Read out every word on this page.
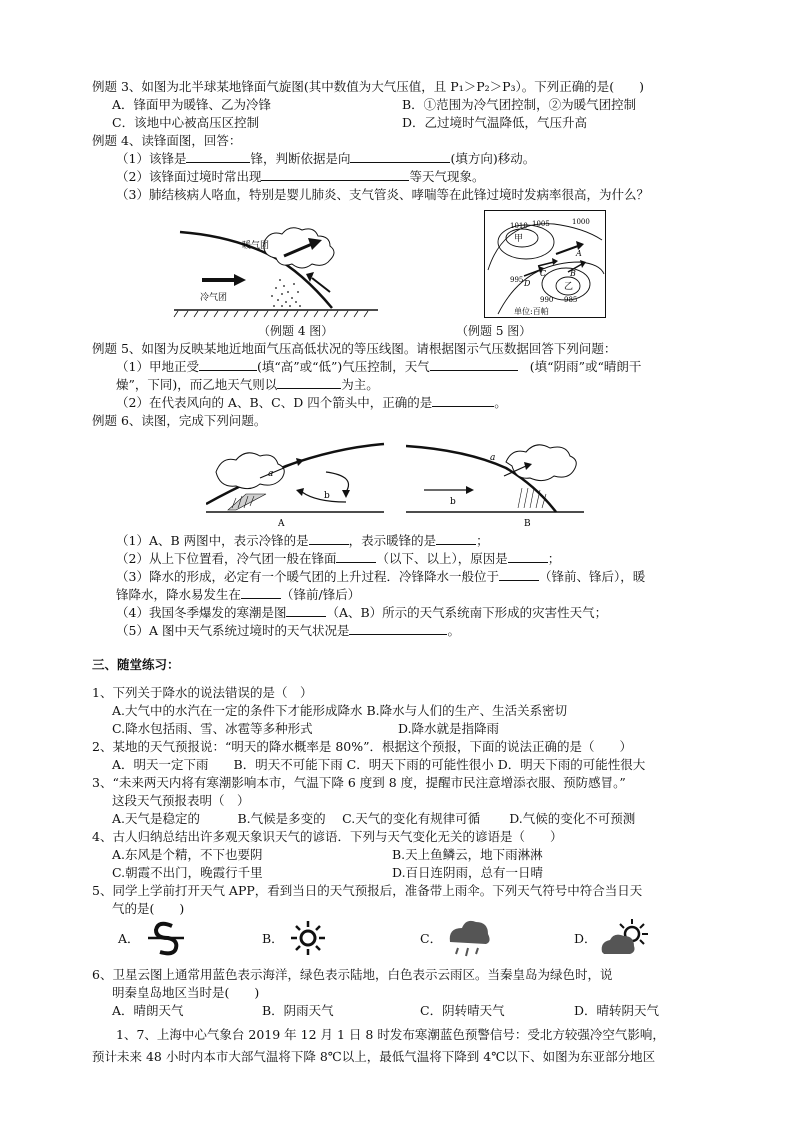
例题 3、如图为北半球某地锋面气旋图(其中数值为大气压值，且 P₁＞P₂＞P₃）。下列正确的是(　　)
A．锋面甲为暖锋、乙为冷锋	B．①范围为冷气团控制，②为暖气团控制
C．该地中心被高压区控制	D．乙过境时气温降低，气压升高
例题 4、读锋面图，回答：
（1）该锋是	锋，判断依据是向	(填方向)移动。
（2）该锋面过境时常出现	等天气现象。
（3）肺结核病人咯血，特别是婴儿肺炎、支气管炎、哮喘等在此锋过境时发病率很高，为什么？
暖气团
冷气团
（例题 4 图）
甲
乙
1010 1005	1000
995
990 985
A
B
C
D
单位:百帕
（例题 5 图）
例题 5、如图为反映某地近地面气压高低状况的等压线图。请根据图示气压数据回答下列问题：
（1）甲地正受	(填“高”或“低”)气压控制，天气	(填“阴雨”或“晴朗干
燥”，下同)，而乙地天气则以	为主。
（2）在代表风向的 A、B、C、D 四个箭头中，正确的是	。
例题 6、读图，完成下列问题。
a
b
A
a
b
B
（1）A、B 两图中，表示冷锋的是	，表示暖锋的是	；
（2）从上下位置看，冷气团一般在锋面	（以下、以上），原因是	；
（3）降水的形成，必定有一个暖气团的上升过程．冷锋降水一般位于	（锋前、锋后），暖
锋降水，降水易发生在	（锋前/锋后）
（4）我国冬季爆发的寒潮是图	（A、B）所示的天气系统南下形成的灾害性天气；
（5）A 图中天气系统过境时的天气状况是	。
三、随堂练习：
1、下列关于降水的说法错误的是（　）
A.大气中的水汽在一定的条件下才能形成降水 B.降水与人们的生产、生活关系密切
C.降水包括雨、雪、冰雹等多种形式	D.降水就是指降雨
2、某地的天气预报说：“明天的降水概率是 80%”．根据这个预报，下面的说法正确的是（　　）
A．明天一定下雨　　B．明天不可能下雨 C．明天下雨的可能性很小 D．明天下雨的可能性很大
3、“未来两天内将有寒潮影响本市，气温下降 6 度到 8 度，提醒市民注意增添衣服、预防感冒。”
这段天气预报表明（　）
A.天气是稳定的　　　B.气候是多变的　 C.天气的变化有规律可循　　 D.气候的变化不可预测
4、古人归纳总结出许多观天象识天气的谚语．下列与天气变化无关的谚语是（　　）
A.东风是个精，不下也要阴	B.天上鱼鳞云，地下雨淋淋
C.朝霞不出门，晚霞行千里	D.百日连阴雨，总有一日晴
5、同学上学前打开天气 APP，看到当日的天气预报后，准备带上雨伞。下列天气符号中符合当日天
气的是(　　)
A．	B．	C．	D．
6、卫星云图上通常用蓝色表示海洋，绿色表示陆地，白色表示云雨区。当秦皇岛为绿色时，说
明秦皇岛地区当时是(　　)
A．晴朗天气	B．阴雨天气	C．阴转晴天气	D．晴转阴天气
1、7、上海中心气象台 2019 年 12 月 1 日 8 时发布寒潮蓝色预警信号：受北方较强冷空气影响，
预计未来 48 小时内本市大部气温将下降 8℃以上，最低气温将下降到 4℃以下、如图为东亚部分地区
